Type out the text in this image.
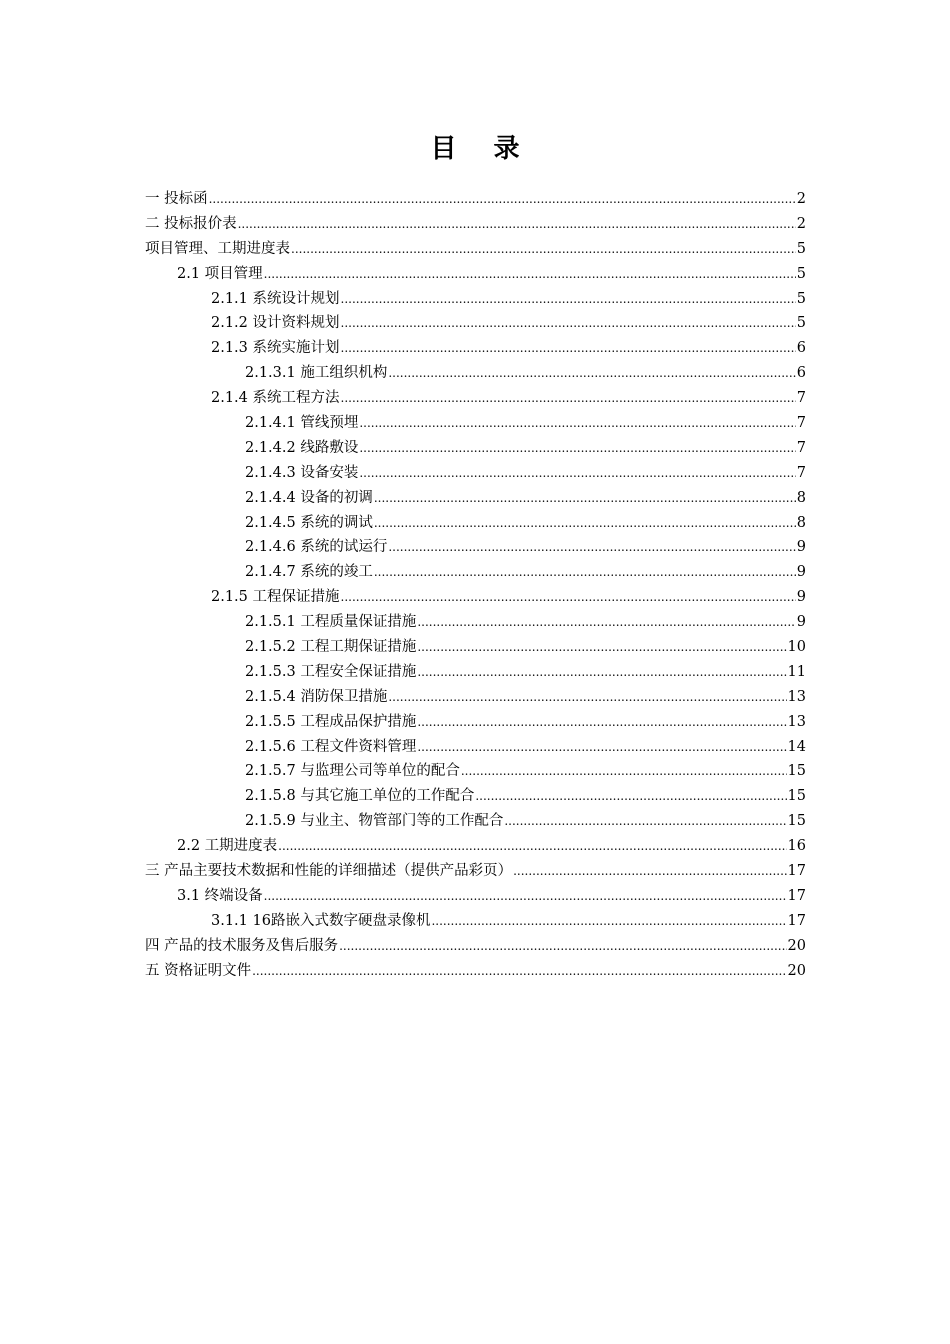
目 录
一 投标函 .....	2
二 投标报价表 .....	2
项目管理、工期进度表 .....	5
2.1 项目管理 .....	5
2.1.1 系统设计规划 .....	5
2.1.2 设计资料规划 .....	5
2.1.3 系统实施计划 .....	6
2.1.3.1 施工组织机构 .....	6
2.1.4 系统工程方法 .....	7
2.1.4.1 管线预埋 .....	7
2.1.4.2 线路敷设 .....	7
2.1.4.3 设备安装 .....	7
2.1.4.4 设备的初调 .....	8
2.1.4.5 系统的调试 .....	8
2.1.4.6 系统的试运行 .....	9
2.1.4.7 系统的竣工 .....	9
2.1.5 工程保证措施 .....	9
2.1.5.1 工程质量保证措施 .....	9
2.1.5.2 工程工期保证措施 .....	10
2.1.5.3 工程安全保证措施 .....	11
2.1.5.4 消防保卫措施 .....	13
2.1.5.5 工程成品保护措施 .....	13
2.1.5.6 工程文件资料管理 .....	14
2.1.5.7 与监理公司等单位的配合 .....	15
2.1.5.8 与其它施工单位的工作配合 .....	15
2.1.5.9 与业主、物管部门等的工作配合 .....	15
2.2 工期进度表 .....	16
三 产品主要技术数据和性能的详细描述（提供产品彩页） .....	17
3.1 终端设备 .....	17
3.1.1 16路嵌入式数字硬盘录像机 .....	17
四 产品的技术服务及售后服务 .....	20
五 资格证明文件 .....	20
